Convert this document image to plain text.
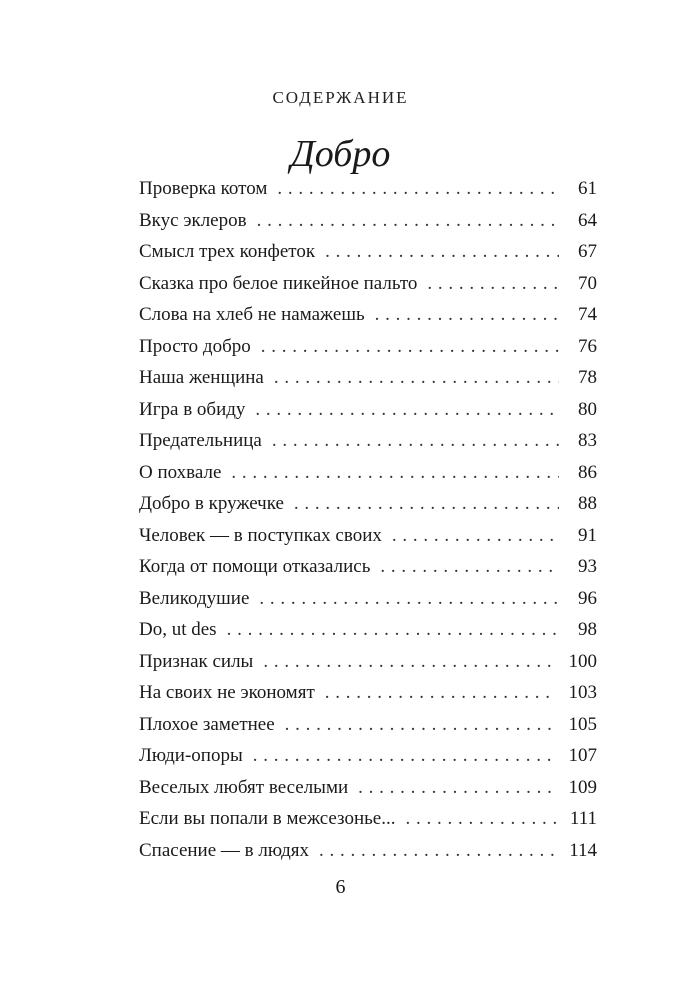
СОДЕРЖАНИЕ
Добро
Проверка котом . . .	61
Вкус эклеров . . .	64
Смысл трех конфеток . . .	67
Сказка про белое пикейное пальто . . .	70
Слова на хлеб не намажешь . . .	74
Просто добро . . .	76
Наша женщина . . .	78
Игра в обиду . . .	80
Предательница . . .	83
О похвале . . .	86
Добро в кружечке . . .	88
Человек — в поступках своих . . .	91
Когда от помощи отказались . . .	93
Великодушие . . .	96
Do, ut des . . .	98
Признак силы . . .	100
На своих не экономят . . .	103
Плохое заметнее . . .	105
Люди-опоры . . .	107
Веселых любят веселыми . . .	109
Если вы попали в межсезонье... . . .	111
Спасение — в людях . . .	114
6
